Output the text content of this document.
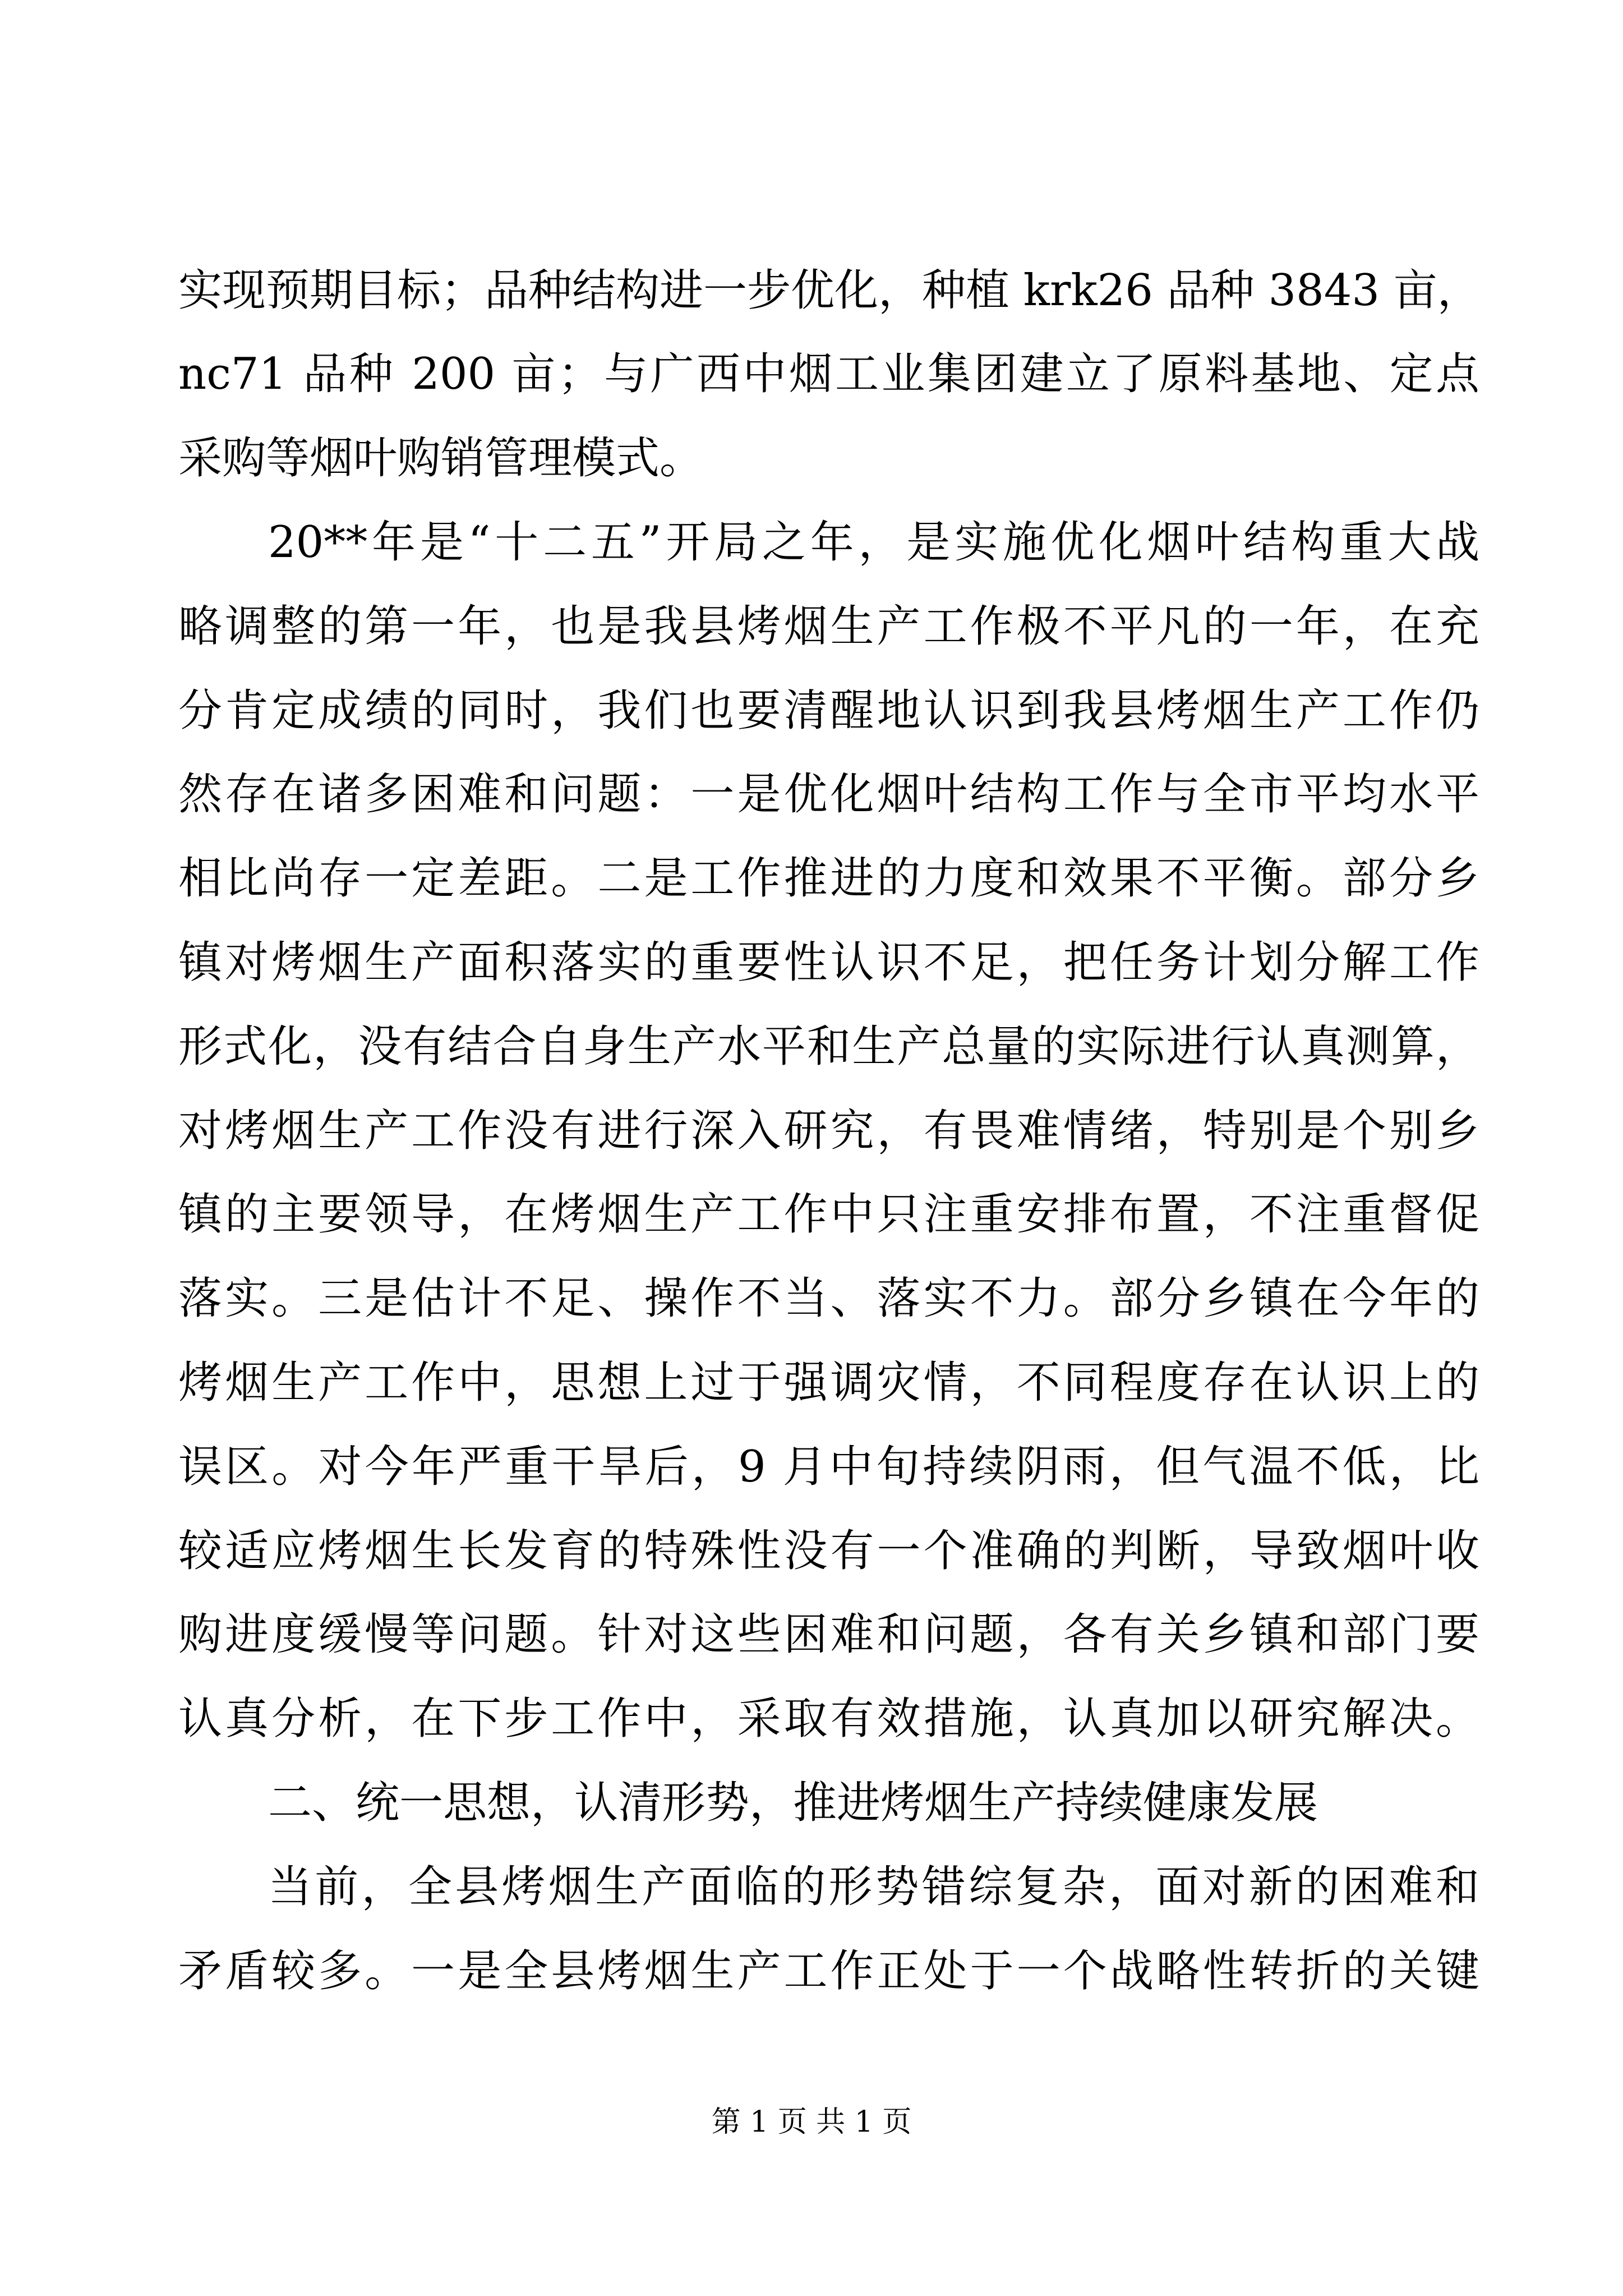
实现预期目标；品种结构进一步优化，种植 krk26 品种 3843 亩，
nc71 品种 200 亩；与广西中烟工业集团建立了原料基地、定点
采购等烟叶购销管理模式。
20**年是“十二五”开局之年，是实施优化烟叶结构重大战
略调整的第一年，也是我县烤烟生产工作极不平凡的一年，在充
分肯定成绩的同时，我们也要清醒地认识到我县烤烟生产工作仍
然存在诸多困难和问题：一是优化烟叶结构工作与全市平均水平
相比尚存一定差距。二是工作推进的力度和效果不平衡。部分乡
镇对烤烟生产面积落实的重要性认识不足，把任务计划分解工作
形式化，没有结合自身生产水平和生产总量的实际进行认真测算，
对烤烟生产工作没有进行深入研究，有畏难情绪，特别是个别乡
镇的主要领导，在烤烟生产工作中只注重安排布置，不注重督促
落实。三是估计不足、操作不当、落实不力。部分乡镇在今年的
烤烟生产工作中，思想上过于强调灾情，不同程度存在认识上的
误区。对今年严重干旱后，9 月中旬持续阴雨，但气温不低，比
较适应烤烟生长发育的特殊性没有一个准确的判断，导致烟叶收
购进度缓慢等问题。针对这些困难和问题，各有关乡镇和部门要
认真分析，在下步工作中，采取有效措施，认真加以研究解决。
二、统一思想，认清形势，推进烤烟生产持续健康发展
当前，全县烤烟生产面临的形势错综复杂，面对新的困难和
矛盾较多。一是全县烤烟生产工作正处于一个战略性转折的关键
第 1 页 共 1 页
